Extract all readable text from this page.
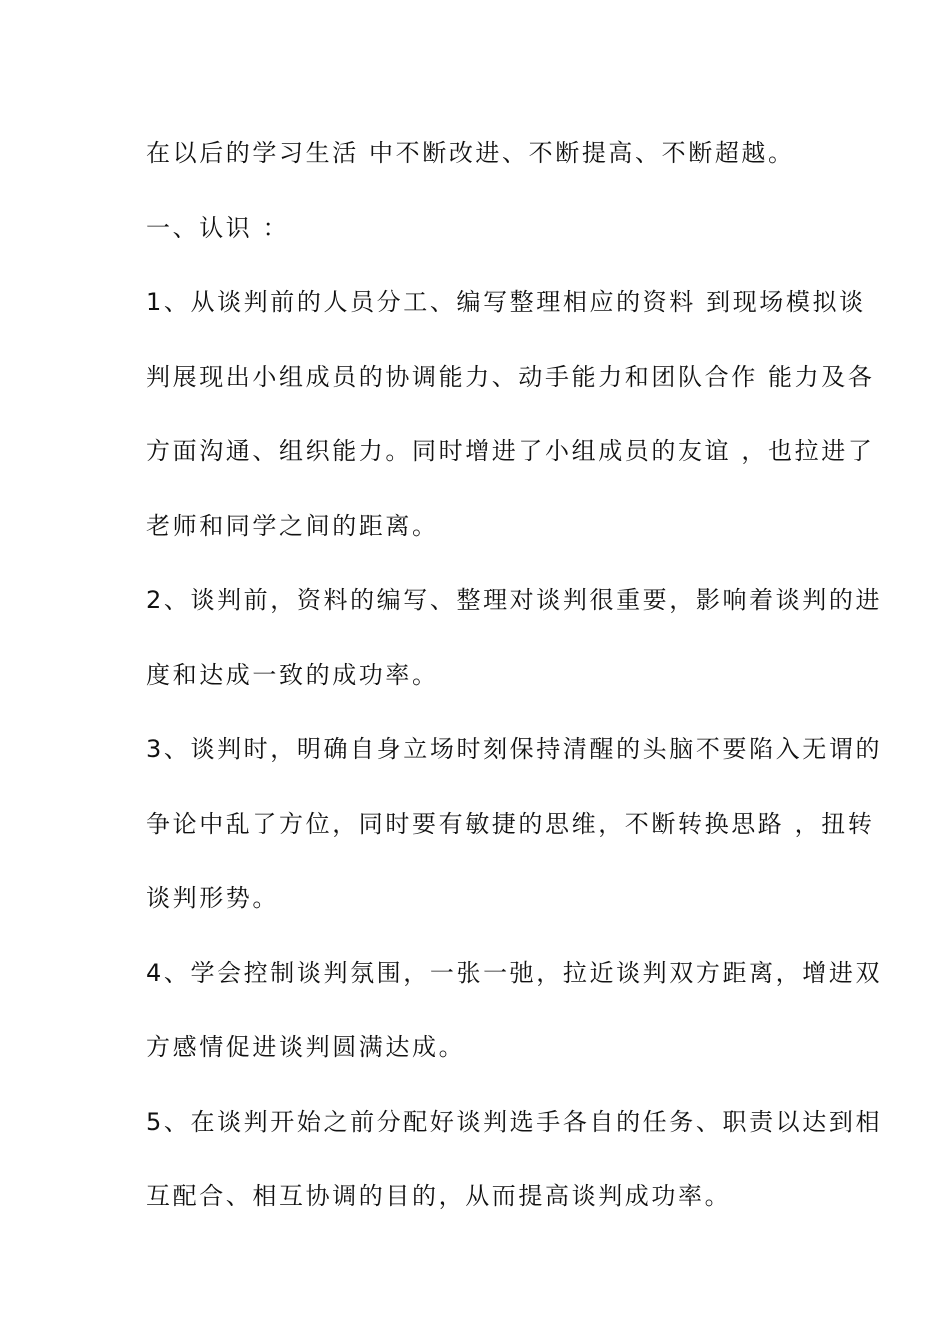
在以后的学习生活 中不断改进、不断提高、不断超越。

一、认识 ：

1、从谈判前的人员分工、编写整理相应的资料 到现场模拟谈

判展现出小组成员的协调能力、动手能力和团队合作 能力及各

方面沟通、组织能力。同时增进了小组成员的友谊 ，也拉进了

老师和同学之间的距离。

2、谈判前，资料的编写、整理对谈判很重要，影响着谈判的进

度和达成一致的成功率。

3、谈判时，明确自身立场时刻保持清醒的头脑不要陷入无谓的

争论中乱了方位，同时要有敏捷的思维，不断转换思路 ，扭转

谈判形势。

4、学会控制谈判氛围，一张一弛，拉近谈判双方距离，增进双

方感情促进谈判圆满达成。

5、在谈判开始之前分配好谈判选手各自的任务、职责以达到相

互配合、相互协调的目的，从而提高谈判成功率。
